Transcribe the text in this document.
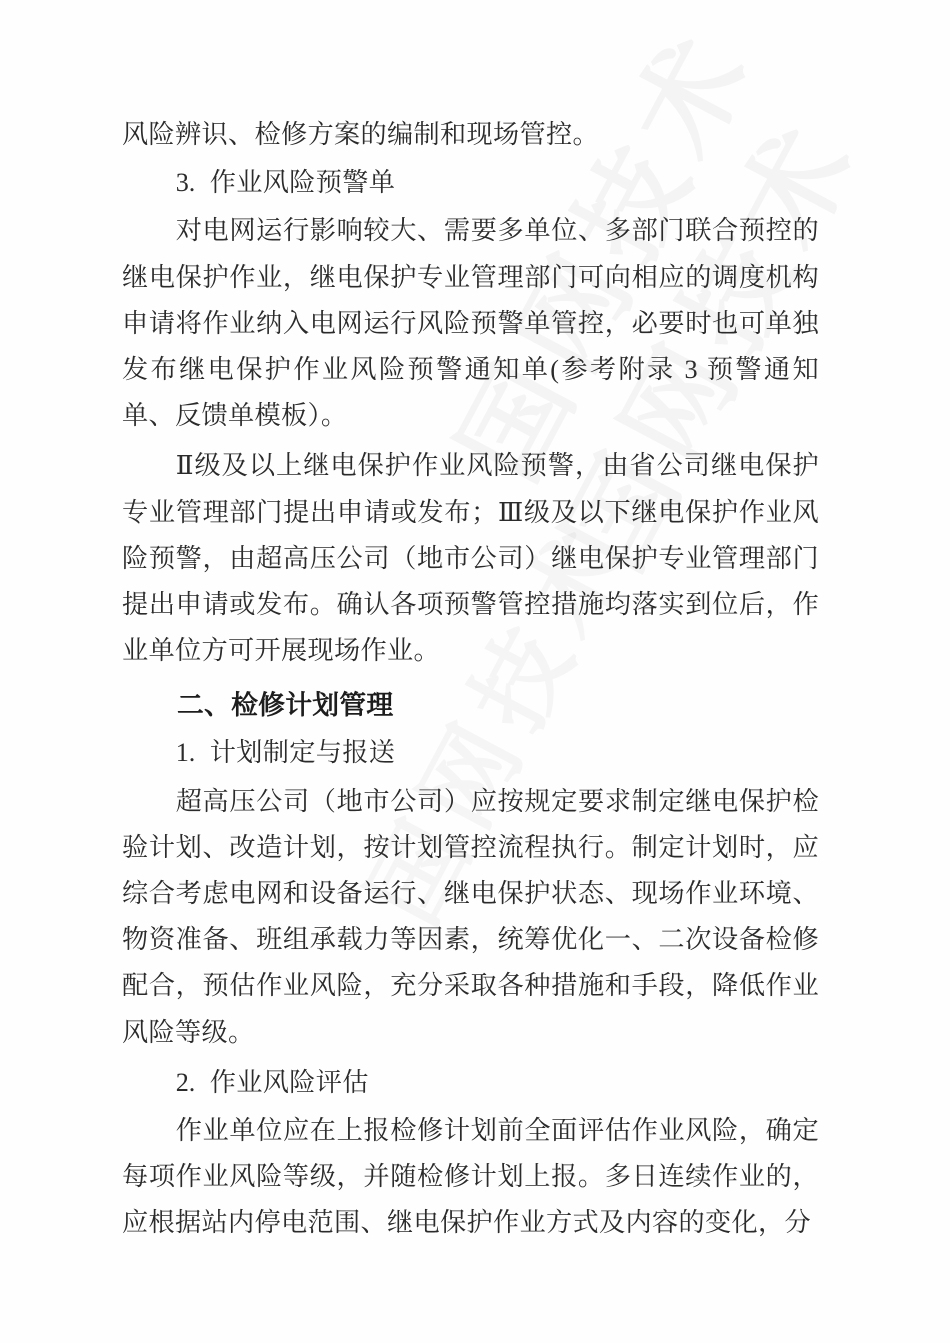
风险辨识、检修方案的编制和现场管控。

3. 作业风险预警单

对电网运行影响较大、需要多单位、多部门联合预控的继电保护作业，继电保护专业管理部门可向相应的调度机构申请将作业纳入电网运行风险预警单管控，必要时也可单独发布继电保护作业风险预警通知单(参考附录 3 预警通知单、反馈单模板）。

Ⅱ级及以上继电保护作业风险预警，由省公司继电保护专业管理部门提出申请或发布；Ⅲ级及以下继电保护作业风险预警，由超高压公司（地市公司）继电保护专业管理部门提出申请或发布。确认各项预警管控措施均落实到位后，作业单位方可开展现场作业。

二、检修计划管理

1. 计划制定与报送

超高压公司（地市公司）应按规定要求制定继电保护检验计划、改造计划，按计划管控流程执行。制定计划时，应综合考虑电网和设备运行、继电保护状态、现场作业环境、物资准备、班组承载力等因素，统筹优化一、二次设备检修配合，预估作业风险，充分采取各种措施和手段，降低作业风险等级。

2. 作业风险评估

作业单位应在上报检修计划前全面评估作业风险，确定每项作业风险等级，并随检修计划上报。多日连续作业的，应根据站内停电范围、继电保护作业方式及内容的变化，分
